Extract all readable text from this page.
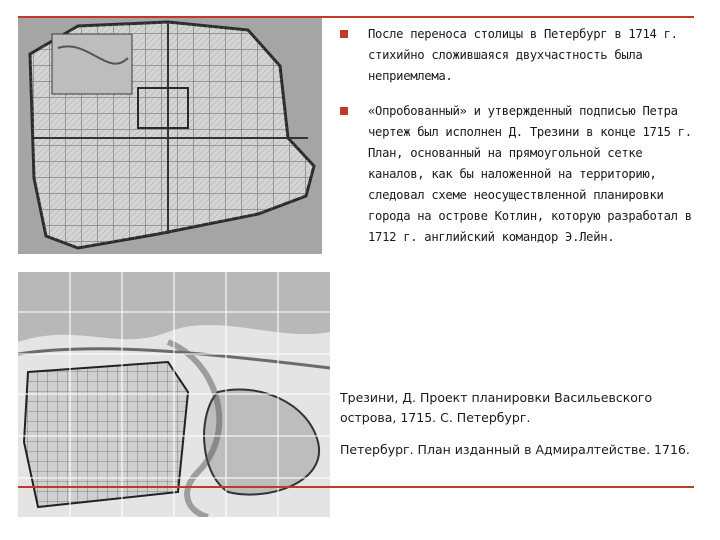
После переноса столицы в Петербург в 1714 г. стихийно сложившаяся двухчастность была неприемлема.
«Опробованный» и утвержденный подписью Петра чертеж был исполнен Д. Трезини в конце 1715 г. План, основанный на прямоугольной сетке каналов, как бы наложенной на территорию, следовал схеме неосуществленной планировки города на острове Котлин, которую разработал в 1712 г. английский командор Э.Лейн.
Трезини, Д. Проект планировки Васильевского острова, 1715. С. Петербург.
Петербург. План изданный в Адмиралтействе. 1716.
